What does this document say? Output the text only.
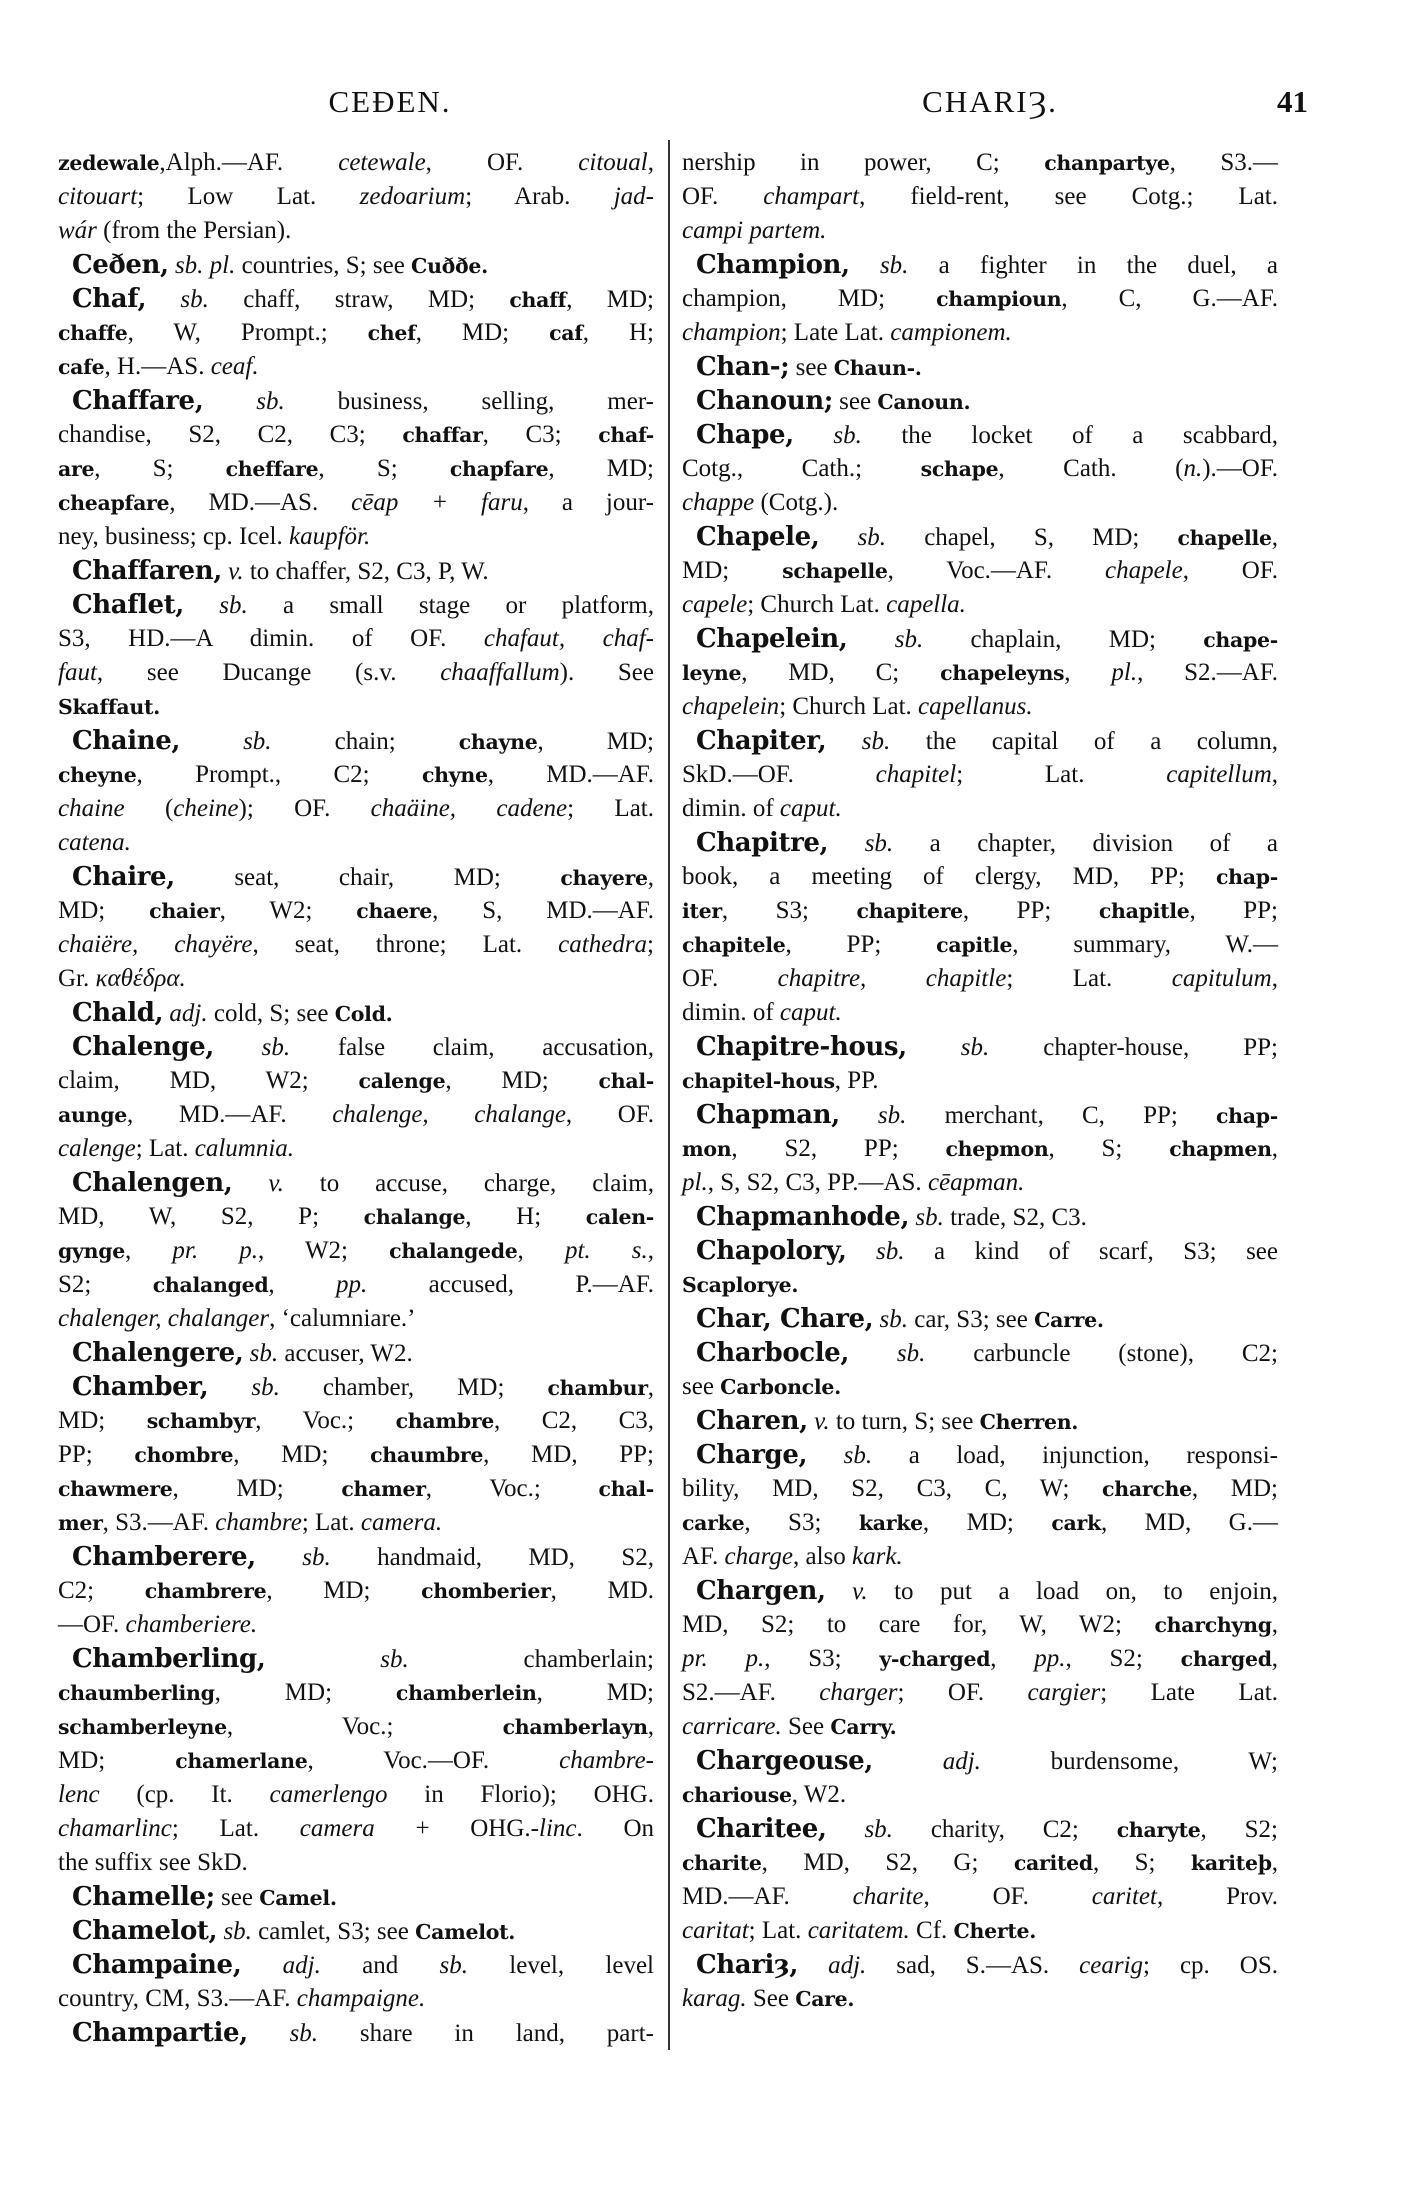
CEÐEN.	CHARIȜ.	41
zedewale,Alph.—AF. cetewale, OF. citoual,
citouart; Low Lat. zedoarium; Arab. jad-
wár (from the Persian).
Ceðen, sb. pl. countries, S; see Cuððe.
Chaf, sb. chaff, straw, MD; chaff, MD;
chaffe, W, Prompt.; chef, MD; caf, H;
cafe, H.—AS. ceaf.
Chaffare, sb. business, selling, mer-
chandise, S2, C2, C3; chaffar, C3; chaf-
are, S; cheffare, S; chapfare, MD;
cheapfare, MD.—AS. cēap + faru, a jour-
ney, business; cp. Icel. kaupför.
Chaffaren, v. to chaffer, S2, C3, P, W.
Chaflet, sb. a small stage or platform,
S3, HD.—A dimin. of OF. chafaut, chaf-
faut, see Ducange (s.v. chaaffallum). See
Skaffaut.
Chaine, sb. chain; chayne, MD;
cheyne, Prompt., C2; chyne, MD.—AF.
chaine (cheine); OF. chaäine, cadene; Lat.
catena.
Chaire, seat, chair, MD; chayere,
MD; chaier, W2; chaere, S, MD.—AF.
chaiëre, chayëre, seat, throne; Lat. cathedra;
Gr. καθέδρα.
Chald, adj. cold, S; see Cold.
Chalenge, sb. false claim, accusation,
claim, MD, W2; calenge, MD; chal-
aunge, MD.—AF. chalenge, chalange, OF.
calenge; Lat. calumnia.
Chalengen, v. to accuse, charge, claim,
MD, W, S2, P; chalange, H; calen-
gynge, pr. p., W2; chalangede, pt. s.,
S2; chalanged, pp. accused, P.—AF.
chalenger, chalanger, ‘calumniare.’
Chalengere, sb. accuser, W2.
Chamber, sb. chamber, MD; chambur,
MD; schambyr, Voc.; chambre, C2, C3,
PP; chombre, MD; chaumbre, MD, PP;
chawmere, MD; chamer, Voc.; chal-
mer, S3.—AF. chambre; Lat. camera.
Chamberere, sb. handmaid, MD, S2,
C2; chambrere, MD; chomberier, MD.
—OF. chamberiere.
Chamberling, sb. chamberlain;
chaumberling, MD; chamberlein, MD;
schamberleyne, Voc.; chamberlayn,
MD; chamerlane, Voc.—OF. chambre-
lenc (cp. It. camerlengo in Florio); OHG.
chamarlinc; Lat. camera + OHG.-linc. On
the suffix see SkD.
Chamelle; see Camel.
Chamelot, sb. camlet, S3; see Camelot.
Champaine, adj. and sb. level, level
country, CM, S3.—AF. champaigne.
Champartie, sb. share in land, part-
nership in power, C; chanpartye, S3.—
OF. champart, field-rent, see Cotg.; Lat.
campi partem.
Champion, sb. a fighter in the duel, a
champion, MD; champioun, C, G.—AF.
champion; Late Lat. campionem.
Chan-; see Chaun-.
Chanoun; see Canoun.
Chape, sb. the locket of a scabbard,
Cotg., Cath.; schape, Cath. (n.).—OF.
chappe (Cotg.).
Chapele, sb. chapel, S, MD; chapelle,
MD; schapelle, Voc.—AF. chapele, OF.
capele; Church Lat. capella.
Chapelein, sb. chaplain, MD; chape-
leyne, MD, C; chapeleyns, pl., S2.—AF.
chapelein; Church Lat. capellanus.
Chapiter, sb. the capital of a column,
SkD.—OF. chapitel; Lat. capitellum,
dimin. of caput.
Chapitre, sb. a chapter, division of a
book, a meeting of clergy, MD, PP; chap-
iter, S3; chapitere, PP; chapitle, PP;
chapitele, PP; capitle, summary, W.—
OF. chapitre, chapitle; Lat. capitulum,
dimin. of caput.
Chapitre-hous, sb. chapter-house, PP;
chapitel-hous, PP.
Chapman, sb. merchant, C, PP; chap-
mon, S2, PP; chepmon, S; chapmen,
pl., S, S2, C3, PP.—AS. cēapman.
Chapmanhode, sb. trade, S2, C3.
Chapolory, sb. a kind of scarf, S3; see
Scaplorye.
Char, Chare, sb. car, S3; see Carre.
Charbocle, sb. carbuncle (stone), C2;
see Carboncle.
Charen, v. to turn, S; see Cherren.
Charge, sb. a load, injunction, responsi-
bility, MD, S2, C3, C, W; charche, MD;
carke, S3; karke, MD; cark, MD, G.—
AF. charge, also kark.
Chargen, v. to put a load on, to enjoin,
MD, S2; to care for, W, W2; charchyng,
pr. p., S3; y-charged, pp., S2; charged,
S2.—AF. charger; OF. cargier; Late Lat.
carricare. See Carry.
Chargeouse, adj. burdensome, W;
chariouse, W2.
Charitee, sb. charity, C2; charyte, S2;
charite, MD, S2, G; carited, S; kariteþ,
MD.—AF. charite, OF. caritet, Prov.
caritat; Lat. caritatem. Cf. Cherte.
Chariȝ, adj. sad, S.—AS. cearig; cp. OS.
karag. See Care.
